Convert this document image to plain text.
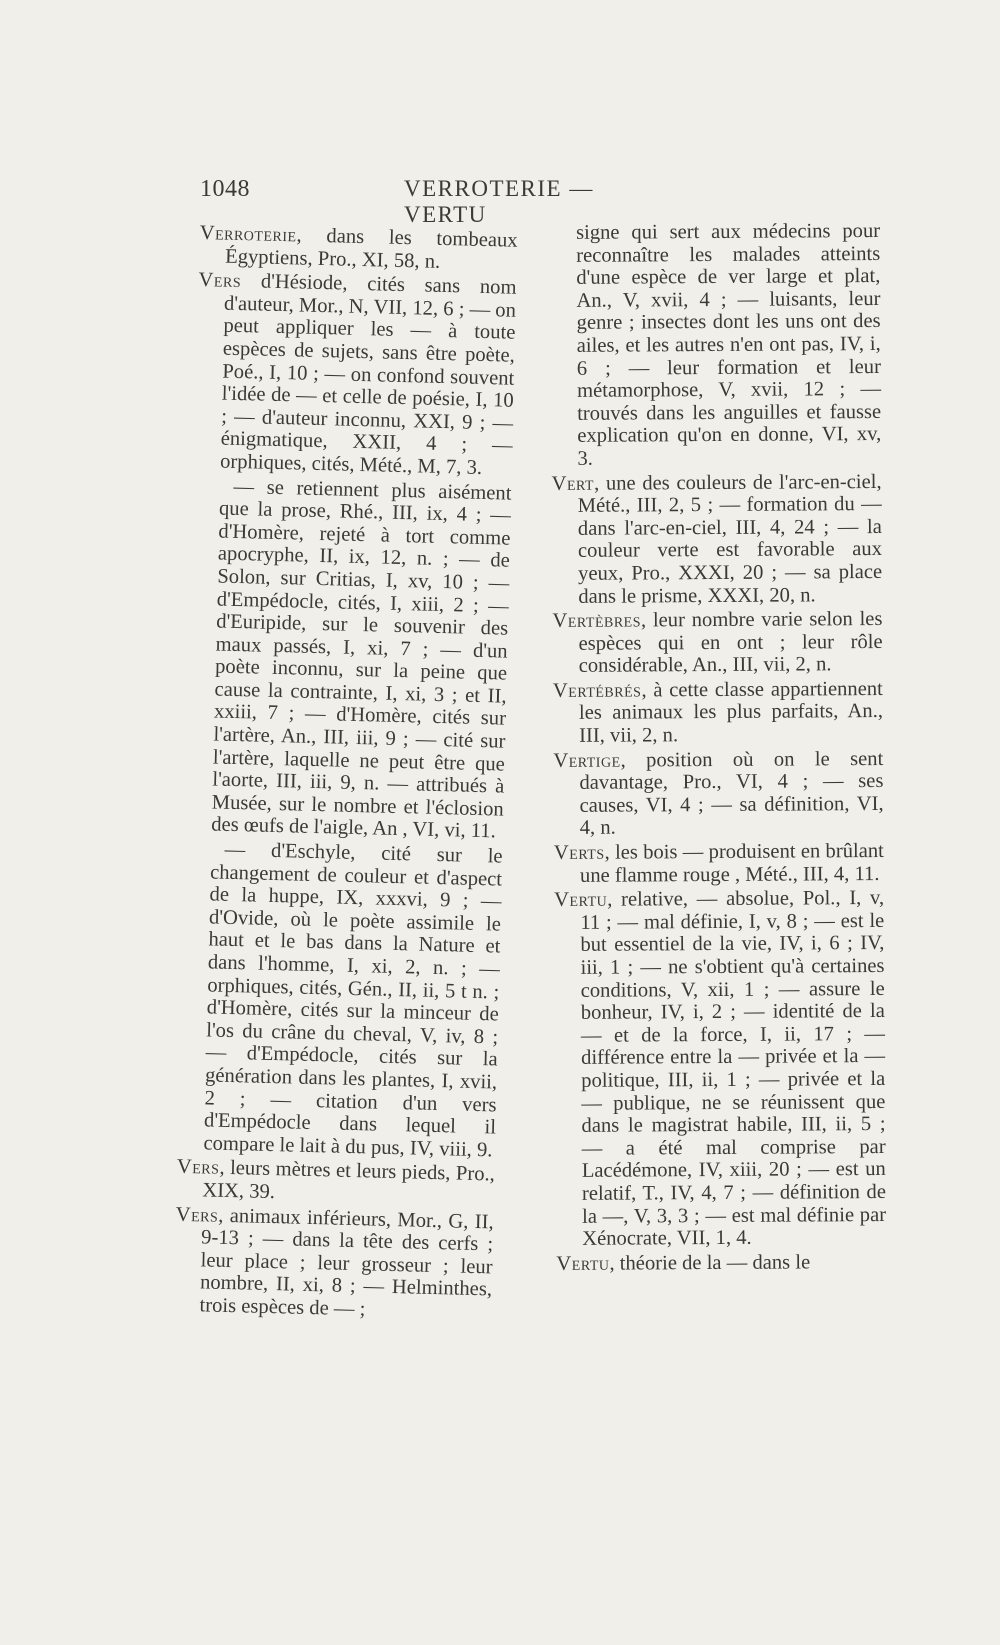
1048	VERROTERIE — VERTU

Verroterie, dans les tombeaux Égyptiens, Pro., XI, 58, n.

Vers d'Hésiode, cités sans nom d'auteur, Mor., N, VII, 12, 6 ; — on peut appliquer les — à toute espèces de sujets, sans être poète, Poé., I, 10 ; — on confond souvent l'idée de — et celle de poésie, I, 10 ; — d'auteur inconnu, XXI, 9 ; — énigmatique, XXII, 4 ; — orphiques, cités, Mété., M, 7, 3.

— se retiennent plus aisément que la prose, Rhé., III, ix, 4 ; — d'Homère, rejeté à tort comme apocryphe, II, ix, 12, n. ; — de Solon, sur Critias, I, xv, 10 ; — d'Empédocle, cités, I, xiii, 2 ; — d'Euripide, sur le souvenir des maux passés, I, xi, 7 ; — d'un poète inconnu, sur la peine que cause la contrainte, I, xi, 3 ; et II, xxiii, 7 ; — d'Homère, cités sur l'artère, An., III, iii, 9 ; — cité sur l'artère, laquelle ne peut être que l'aorte, III, iii, 9, n. — attribués à Musée, sur le nombre et l'éclosion des œufs de l'aigle, An , VI, vi, 11.

— d'Eschyle, cité sur le changement de couleur et d'aspect de la huppe, IX, xxxvi, 9 ; — d'Ovide, où le poète assimile le haut et le bas dans la Nature et dans l'homme, I, xi, 2, n. ; — orphiques, cités, Gén., II, ii, 5 t n. ; d'Homère, cités sur la minceur de l'os du crâne du cheval, V, iv, 8 ; — d'Empédocle, cités sur la génération dans les plantes, I, xvii, 2 ; — citation d'un vers d'Empédocle dans lequel il compare le lait à du pus, IV, viii, 9.

Vers, leurs mètres et leurs pieds, Pro., XIX, 39.

Vers, animaux inférieurs, Mor., G, II, 9-13 ; — dans la tête des cerfs ; leur place ; leur grosseur ; leur nombre, II, xi, 8 ; — Helminthes, trois espèces de — ;

signe qui sert aux médecins pour reconnaître les malades atteints d'une espèce de ver large et plat, An., V, xvii, 4 ; — luisants, leur genre ; insectes dont les uns ont des ailes, et les autres n'en ont pas, IV, i, 6 ; — leur formation et leur métamorphose, V, xvii, 12 ; — trouvés dans les anguilles et fausse explication qu'on en donne, VI, xv, 3.

Vert, une des couleurs de l'arc-en-ciel, Mété., III, 2, 5 ; — formation du — dans l'arc-en-ciel, III, 4, 24 ; — la couleur verte est favorable aux yeux, Pro., XXXI, 20 ; — sa place dans le prisme, XXXI, 20, n.

Vertèbres, leur nombre varie selon les espèces qui en ont ; leur rôle considérable, An., III, vii, 2, n.

Vertébrés, à cette classe appartiennent les animaux les plus parfaits, An., III, vii, 2, n.

Vertige, position où on le sent davantage, Pro., VI, 4 ; — ses causes, VI, 4 ; — sa définition, VI, 4, n.

Verts, les bois — produisent en brûlant une flamme rouge , Mété., III, 4, 11.

Vertu, relative, — absolue, Pol., I, v, 11 ; — mal définie, I, v, 8 ; — est le but essentiel de la vie, IV, i, 6 ; IV, iii, 1 ; — ne s'obtient qu'à certaines conditions, V, xii, 1 ; — assure le bonheur, IV, i, 2 ; — identité de la — et de la force, I, ii, 17 ; — différence entre la — privée et la — politique, III, ii, 1 ; — privée et la — publique, ne se réunissent que dans le magistrat habile, III, ii, 5 ; — a été mal comprise par Lacédémone, IV, xiii, 20 ; — est un relatif, T., IV, 4, 7 ; — définition de la —, V, 3, 3 ; — est mal définie par Xénocrate, VII, 1, 4.

Vertu, théorie de la — dans le
